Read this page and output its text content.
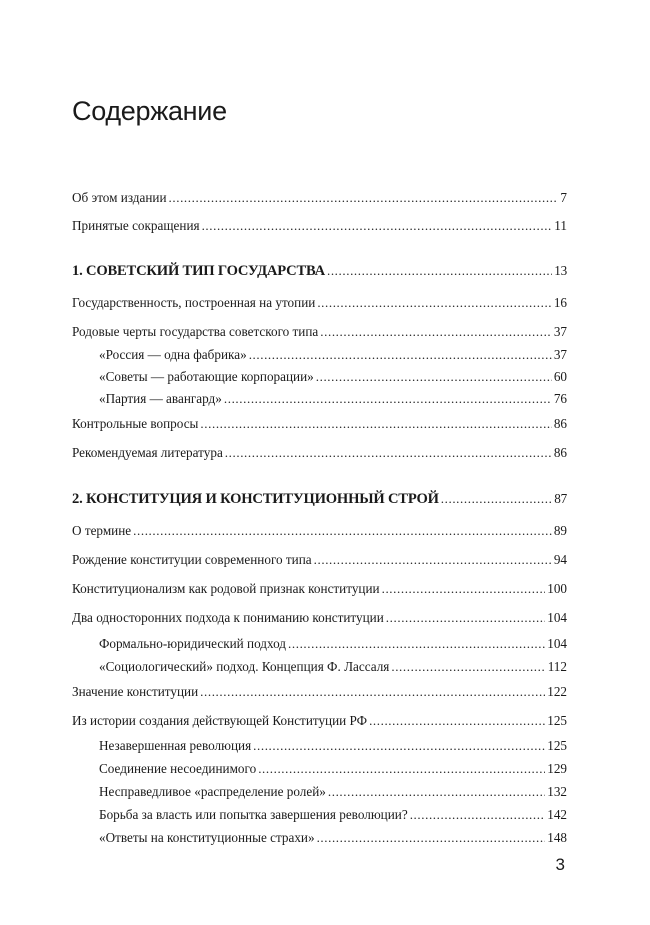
Содержание
Об этом издании .....	7
Принятые сокращения .....	11
1. СОВЕТСКИЙ ТИП ГОСУДАРСТВА .....	13
Государственность, построенная на утопии .....	16
Родовые черты государства советского типа .....	37
«Россия — одна фабрика» .....	37
«Советы — работающие корпорации» .....	60
«Партия — авангард» .....	76
Контрольные вопросы .....	86
Рекомендуемая литература .....	86
2. КОНСТИТУЦИЯ И КОНСТИТУЦИОННЫЙ СТРОЙ .....	87
О термине .....	89
Рождение конституции современного типа .....	94
Конституционализм как родовой признак конституции .....	100
Два односторонних подхода к пониманию конституции .....	104
Формально-юридический подход .....	104
«Социологический» подход. Концепция Ф. Лассаля .....	112
Значение конституции .....	122
Из истории создания действующей Конституции РФ .....	125
Незавершенная революция .....	125
Соединение несоединимого .....	129
Несправедливое «распределение ролей» .....	132
Борьба за власть или попытка завершения революции? .....	142
«Ответы на конституционные страхи» .....	148
3
